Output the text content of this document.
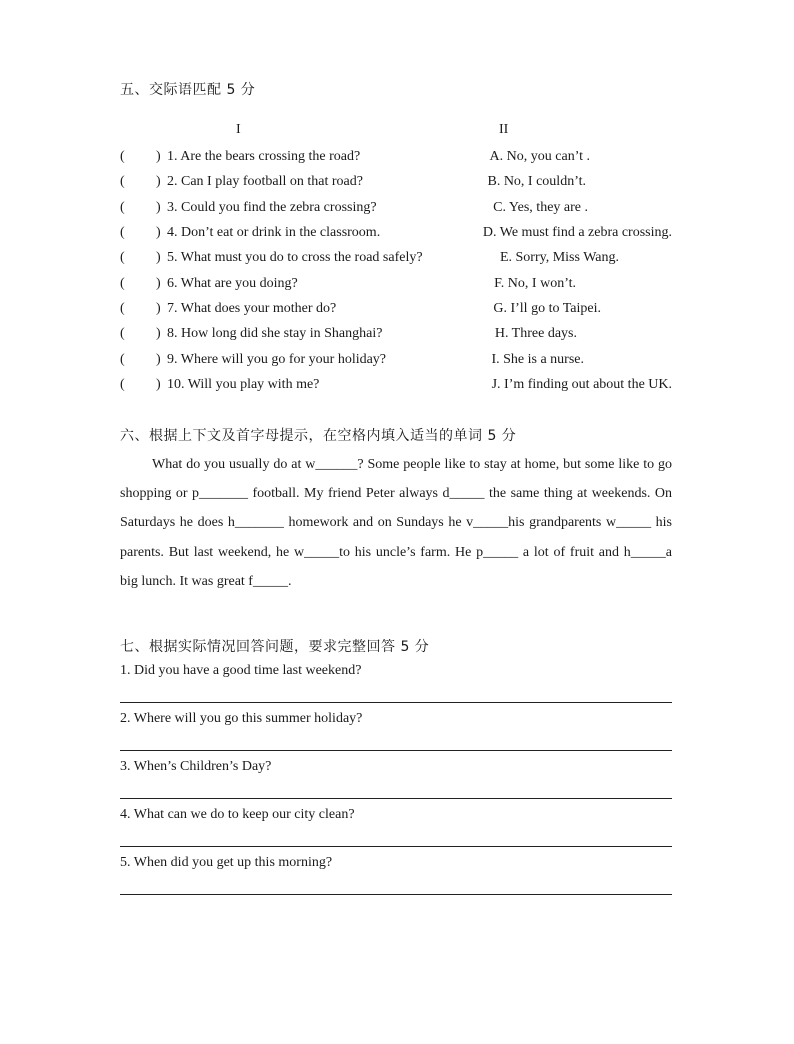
五、交际语匹配 5 分
I	II
( ) 1. Are the bears crossing the road?	A. No, you can’t .
( ) 2. Can I play football on that road?	B. No, I couldn’t.
( ) 3. Could you find the zebra crossing?	C. Yes, they are .
( ) 4. Don’t eat or drink in the classroom.	D. We must find a zebra crossing.
( ) 5. What must you do to cross the road safely?	E. Sorry, Miss Wang.
( ) 6. What are you doing?	F. No, I won’t.
( ) 7. What does your mother do?	G. I’ll go to Taipei.
( ) 8. How long did she stay in Shanghai?	H. Three days.
( ) 9. Where will you go for your holiday?	I. She is a nurse.
( ) 10. Will you play with me?	J. I’m finding out about the UK.
六、根据上下文及首字母提示，在空格内填入适当的单词 5 分
What do you usually do at w______? Some people like to stay at home, but some like to go shopping or p_______ football. My friend Peter always d_____ the same thing at weekends. On Saturdays he does h_______ homework and on Sundays he v_____his grandparents w_____ his parents. But last weekend, he w_____to his uncle’s farm. He p_____ a lot of fruit and h_____a big lunch. It was great f_____.
七、根据实际情况回答问题，要求完整回答 5 分
1. Did you have a good time last weekend?
2. Where will you go this summer holiday?
3. When’s Children’s Day?
4. What can we do to keep our city clean?
5. When did you get up this morning?
